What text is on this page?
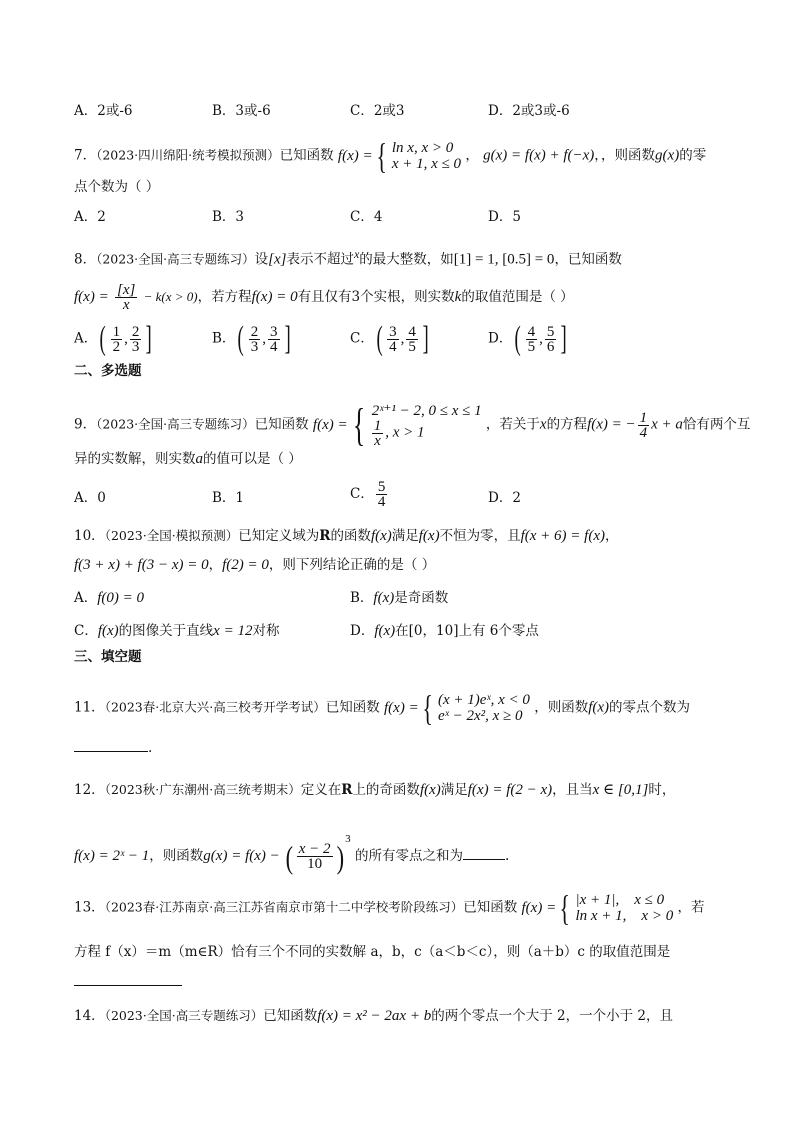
A．2或-6	B．3或-6	C．2或3	D．2或3或-6
7．（2023·四川绵阳·统考模拟预测）已知函数 f(x) = { ln x, x > 0
x + 1, x ≤ 0
， g(x) = f(x) + f(−x)，，则函数g(x)的零
点个数为（ ）
A．2	B．3	C．4	D．5
8．（2023·全国·高三专题练习）设[x]表示不超过x的最大整数，如[1] = 1, [0.5] = 0，已知函数
$f(x) = \frac{[x]}{x} - k(x > 0)$，若方程f(x) = 0有且仅有3个实根，则实数k的取值范围是（ ）
A． ( $\frac{1}{2}$ , $\frac{2}{3}$ ]	B． ( $\frac{2}{3}$ , $\frac{3}{4}$ ]	C． ( $\frac{3}{4}$ , $\frac{4}{5}$ ]	D． ( $\frac{4}{5}$ , $\frac{5}{6}$ ]
二、多选题
9．（2023·全国·高三专题练习）已知函数 f(x) = { 2ˣ⁺¹ − 2, 0 ≤ x ≤ 1
$\frac{1}{x}$ , x > 1	，若关于x的方程f(x) = − $\frac{1}{4}$ x + a恰有两个互
异的实数解，则实数a的值可以是（ ）
A．0	B．1	C． $\frac{5}{4}$	D．2
10．（2023·全国·模拟预测）已知定义域为R的函数f(x)满足f(x)不恒为零，且f(x + 6) = f(x)，
f(3 + x) + f(3 − x) = 0，f(2) = 0，则下列结论正确的是（ ）
A．f(0) = 0	B．f(x)是奇函数
C．f(x)的图像关于直线x = 12对称	D．f(x)在[0，10]上有 6个零点
三、填空题
11．（2023春·北京大兴·高三校考开学考试）已知函数 f(x) = { (x + 1)eˣ, x < 0
eˣ − 2x², x ≥ 0
，则函数f(x)的零点个数为
.
12．（2023秋·广东潮州·高三统考期末）定义在R上的奇函数f(x)满足f(x) = f(2 − x)，且当x ∈ [0,1]时，
f(x) = 2ˣ − 1，则函数g(x) = f(x) − ( $\frac{x - 2}{10}$ ) $^3$ 的所有零点之和为	.
13．（2023春·江苏南京·高三江苏省南京市第十二中学校考阶段练习）已知函数 f(x) = { |x + 1|,    x ≤ 0
ln x + 1,    x > 0
，若
方程 f（x）＝m（m∈R）恰有三个不同的实数解 a，b，c（a＜b＜c），则（a＋b）c 的取值范围是
14．（2023·全国·高三专题练习）已知函数f(x) = x² − 2ax + b的两个零点一个大于 2，一个小于 2，且
